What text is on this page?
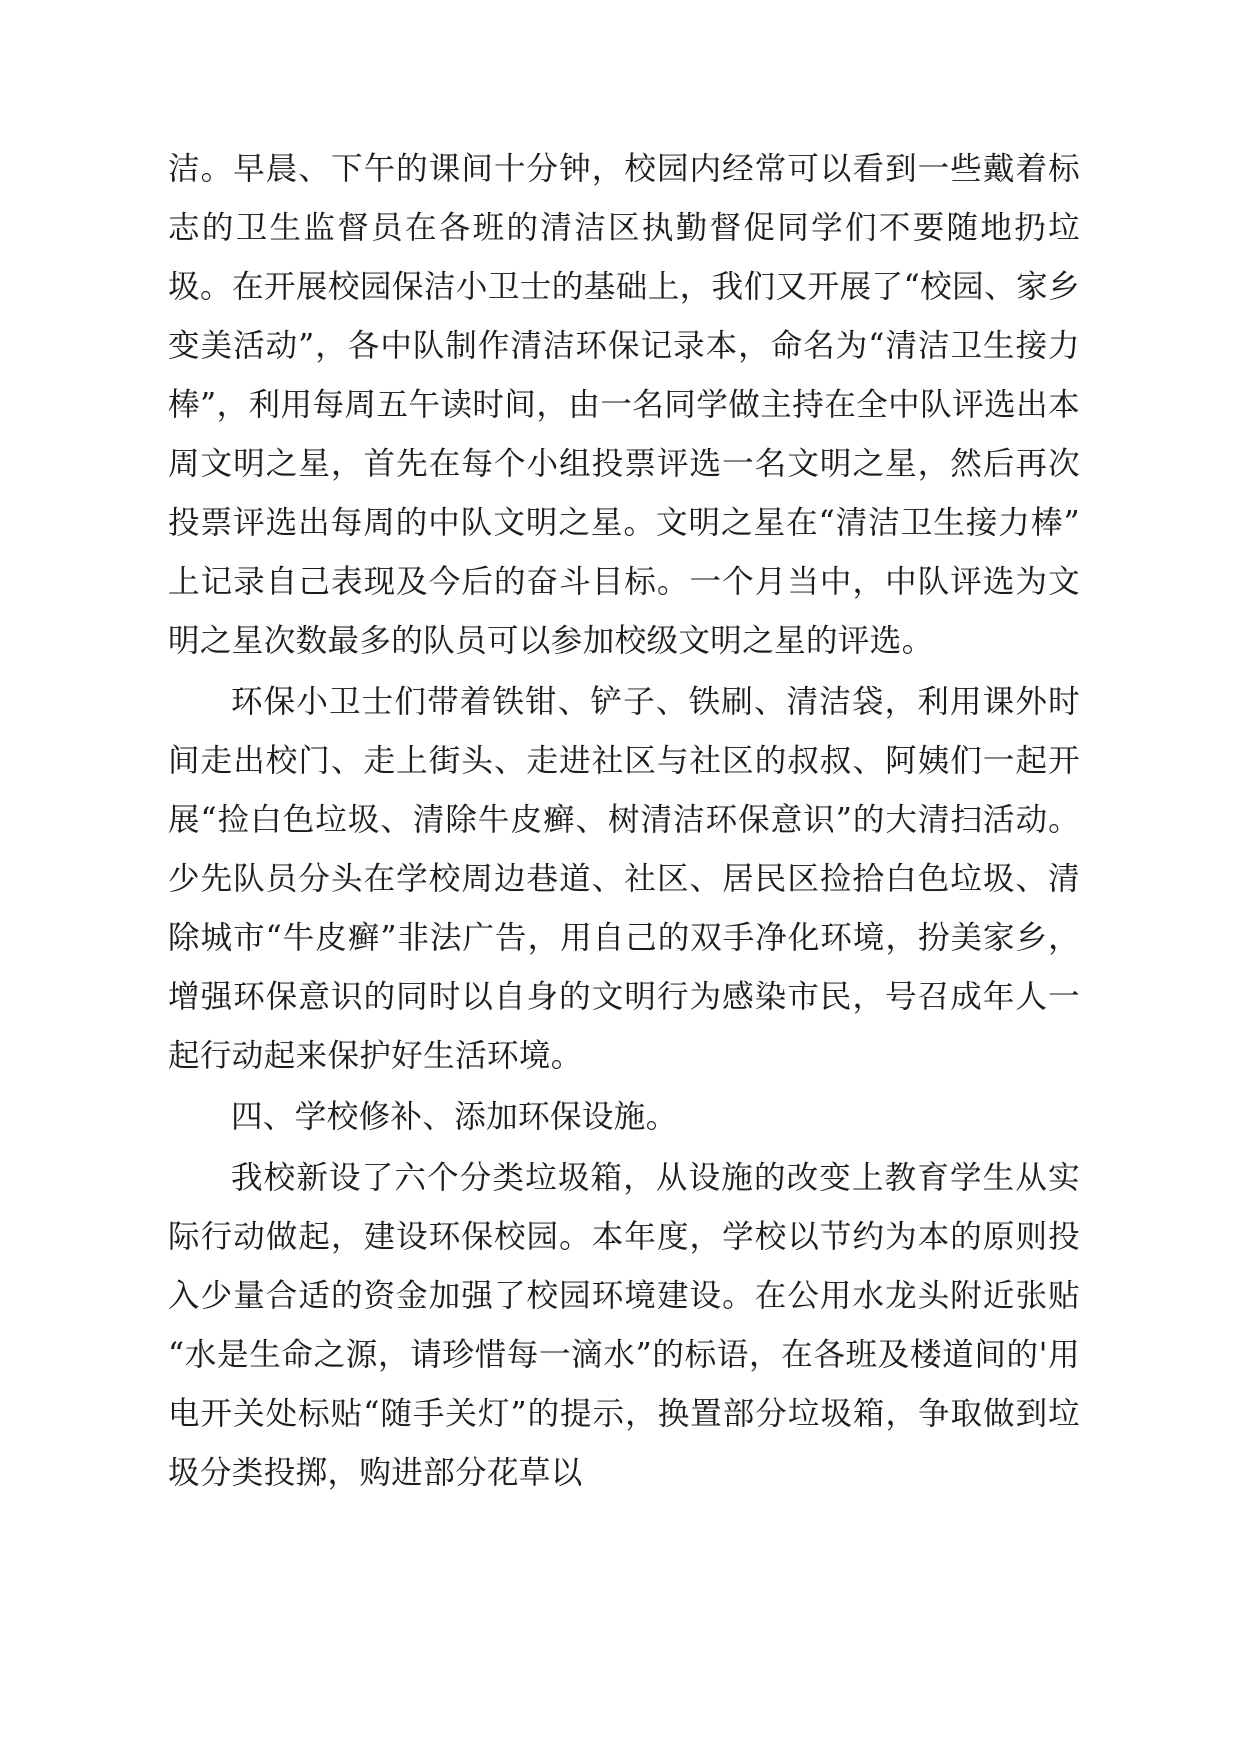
洁。早晨、下午的课间十分钟，校园内经常可以看到一些戴着标志的卫生监督员在各班的清洁区执勤督促同学们不要随地扔垃圾。在开展校园保洁小卫士的基础上，我们又开展了“校园、家乡变美活动”，各中队制作清洁环保记录本，命名为“清洁卫生接力棒”，利用每周五午读时间，由一名同学做主持在全中队评选出本周文明之星，首先在每个小组投票评选一名文明之星，然后再次投票评选出每周的中队文明之星。文明之星在“清洁卫生接力棒”上记录自己表现及今后的奋斗目标。一个月当中，中队评选为文明之星次数最多的队员可以参加校级文明之星的评选。

环保小卫士们带着铁钳、铲子、铁刷、清洁袋，利用课外时间走出校门、走上街头、走进社区与社区的叔叔、阿姨们一起开展“捡白色垃圾、清除牛皮癣、树清洁环保意识”的大清扫活动。少先队员分头在学校周边巷道、社区、居民区捡拾白色垃圾、清除城市“牛皮癣”非法广告，用自己的双手净化环境，扮美家乡，增强环保意识的同时以自身的文明行为感染市民，号召成年人一起行动起来保护好生活环境。

四、学校修补、添加环保设施。

我校新设了六个分类垃圾箱，从设施的改变上教育学生从实际行动做起，建设环保校园。本年度，学校以节约为本的原则投入少量合适的资金加强了校园环境建设。在公用水龙头附近张贴“水是生命之源，请珍惜每一滴水”的标语，在各班及楼道间的'用电开关处标贴“随手关灯”的提示，换置部分垃圾箱，争取做到垃圾分类投掷，购进部分花草以
